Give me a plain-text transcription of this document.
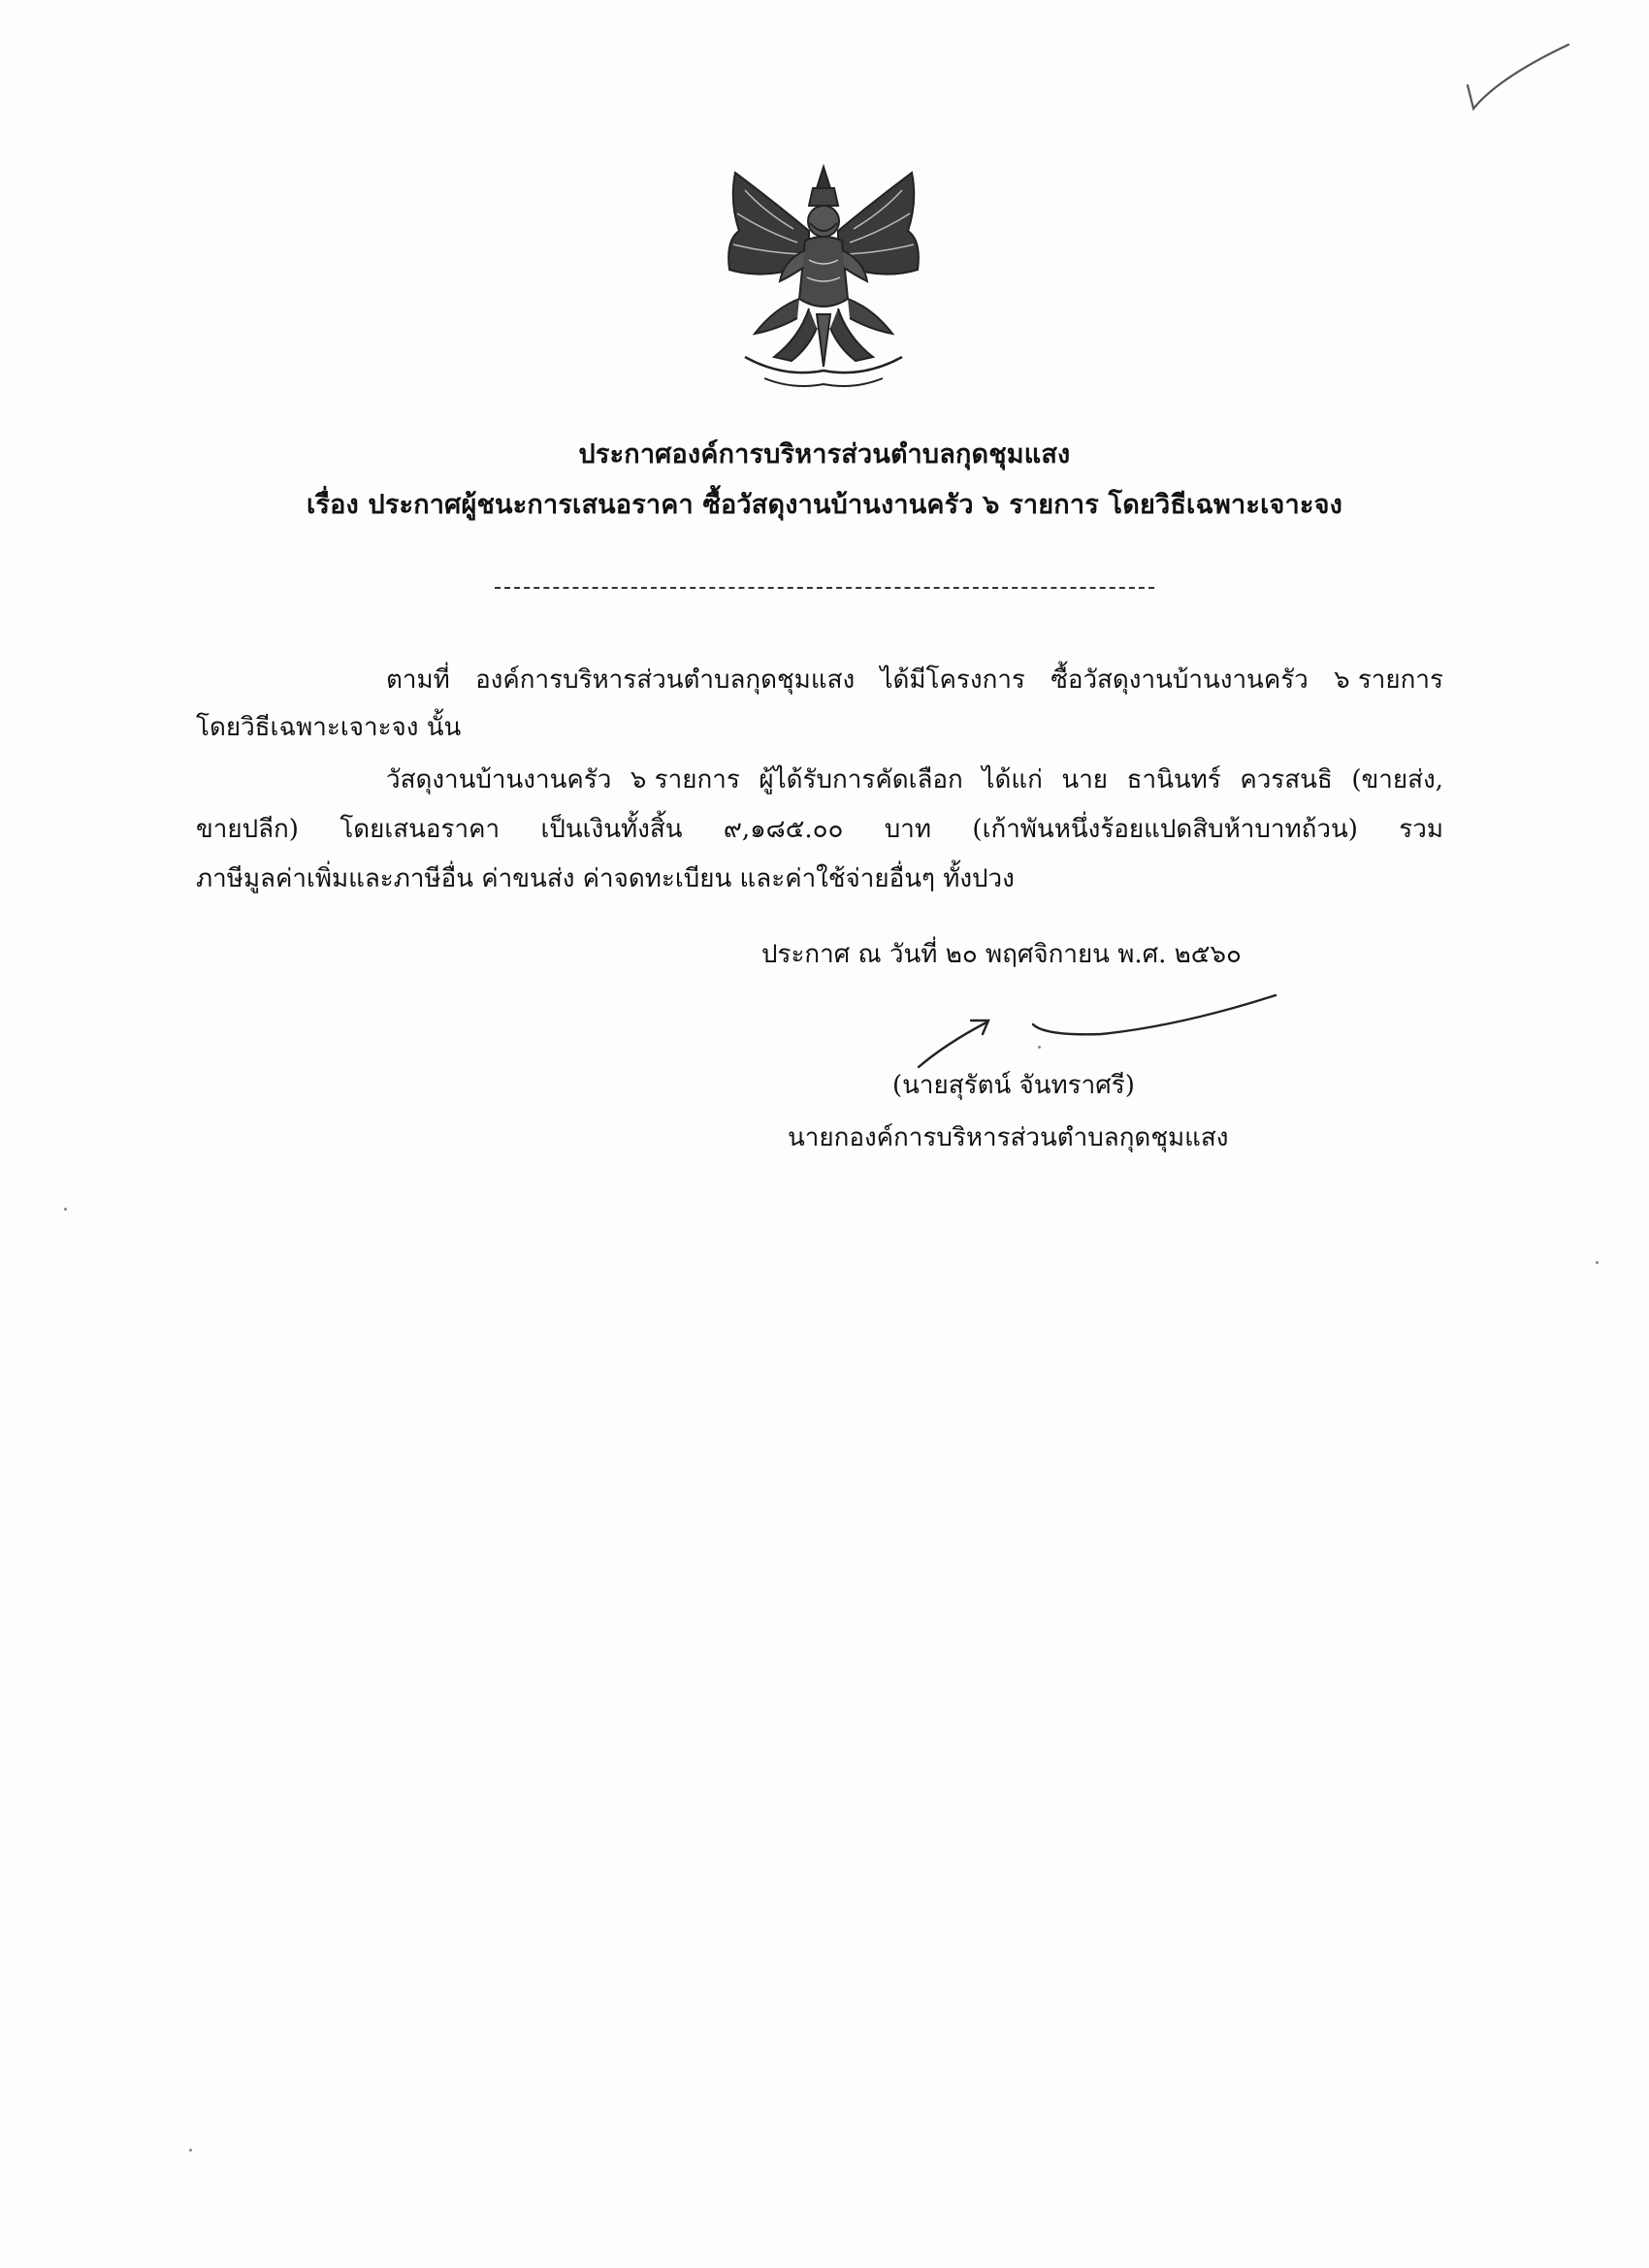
ประกาศองค์การบริหารส่วนตำบลกุดชุมแสง
เรื่อง ประกาศผู้ชนะการเสนอราคา ซื้อวัสดุงานบ้านงานครัว ๖ รายการ โดยวิธีเฉพาะเจาะจง
ตามที่ องค์การบริหารส่วนตำบลกุดชุมแสง ได้มีโครงการ ซื้อวัสดุงานบ้านงานครัว ๖ รายการ
โดยวิธีเฉพาะเจาะจง นั้น
วัสดุงานบ้านงานครัว ๖ รายการ ผู้ได้รับการคัดเลือก ได้แก่ นาย ธานินทร์ ควรสนธิ (ขายส่ง,
ขายปลีก) โดยเสนอราคา เป็นเงินทั้งสิ้น ๙,๑๘๕.๐๐ บาท (เก้าพันหนึ่งร้อยแปดสิบห้าบาทถ้วน) รวม
ภาษีมูลค่าเพิ่มและภาษีอื่น ค่าขนส่ง ค่าจดทะเบียน และค่าใช้จ่ายอื่นๆ ทั้งปวง
ประกาศ ณ วันที่ ๒๐ พฤศจิกายน พ.ศ. ๒๕๖๐
(นายสุรัตน์ จันทราศรี)
นายกองค์การบริหารส่วนตำบลกุดชุมแสง
